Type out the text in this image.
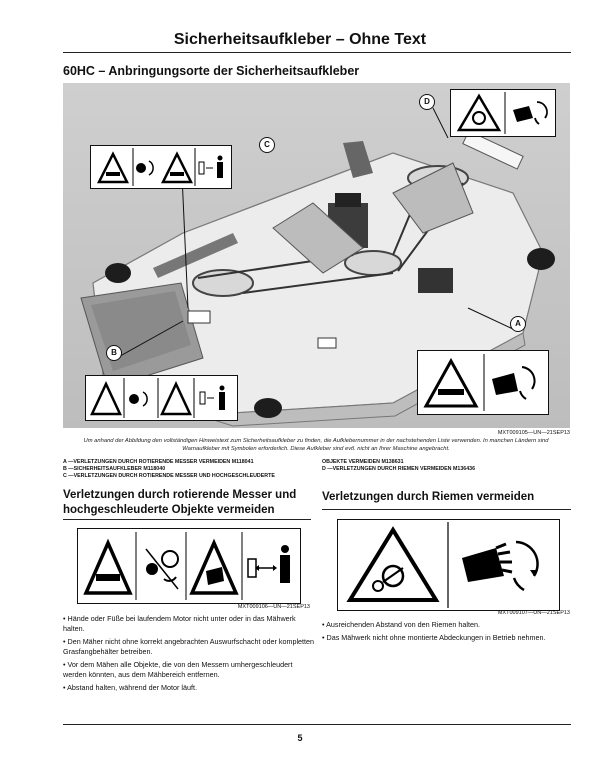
Sicherheitsaufkleber – Ohne Text
60HC – Anbringungsorte der Sicherheitsaufkleber
C
D
B
A
MXT009105—UN—21SEP13
Um anhand der Abbildung den vollständigen Hinweistext zum Sicherheitsaufkleber zu finden, die Aufklebernummer in der nachstehenden Liste verwenden. In manchen Ländern sind Warnaufkleber mit Symbolen erforderlich. Diese Aufkleber sind evtl. nicht an Ihrer Maschine angebracht.
A —VERLETZUNGEN DURCH ROTIERENDE MESSER VERMEIDEN M118041
B —SICHERHEITSAUFKLEBER M118040
C —VERLETZUNGEN DURCH ROTIERENDE MESSER UND HOCHGESCHLEUDERTE
OBJEKTE VERMEIDEN M138631
D —VERLETZUNGEN DURCH RIEMEN VERMEIDEN M136436
Verletzungen durch rotierende Messer und
hochgeschleuderte Objekte vermeiden
MXT009106—UN—21SEP13
• Hände oder Füße bei laufendem Motor nicht unter oder in das Mähwerk halten.
• Den Mäher nicht ohne korrekt angebrachten Auswurfschacht oder kompletten Grasfangbehälter betreiben.
• Vor dem Mähen alle Objekte, die von den Messern umhergeschleudert werden könnten, aus dem Mähbereich entfernen.
• Abstand halten, während der Motor läuft.
Verletzungen durch Riemen vermeiden
MXT009107—UN—21SEP13
• Ausreichenden Abstand von den Riemen halten.
• Das Mähwerk nicht ohne montierte Abdeckungen in Betrieb nehmen.
5
